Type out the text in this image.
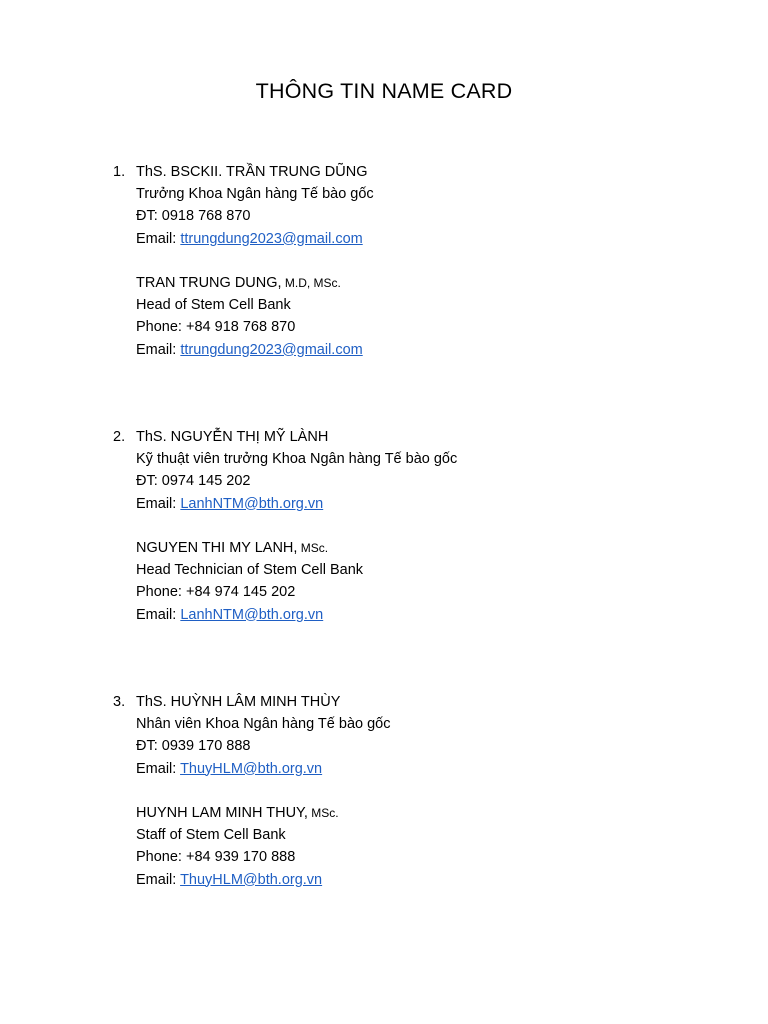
THÔNG TIN NAME CARD
1. ThS. BSCKII. TRẦN TRUNG DŨNG
Trưởng Khoa Ngân hàng Tế bào gốc
ĐT: 0918 768 870
Email: ttrungdung2023@gmail.com
TRAN TRUNG DUNG, M.D, MSc.
Head of Stem Cell Bank
Phone: +84 918 768 870
Email: ttrungdung2023@gmail.com
2. ThS. NGUYỄN THỊ MỸ LÀNH
Kỹ thuật viên trưởng Khoa Ngân hàng Tế bào gốc
ĐT: 0974 145 202
Email: LanhNTM@bth.org.vn
NGUYEN THI MY LANH, MSc.
Head Technician of Stem Cell Bank
Phone: +84 974 145 202
Email: LanhNTM@bth.org.vn
3. ThS. HUỲNH LÂM MINH THÙY
Nhân viên Khoa Ngân hàng Tế bào gốc
ĐT: 0939 170 888
Email: ThuyHLM@bth.org.vn
HUYNH LAM MINH THUY, MSc.
Staff of Stem Cell Bank
Phone: +84 939 170 888
Email: ThuyHLM@bth.org.vn
